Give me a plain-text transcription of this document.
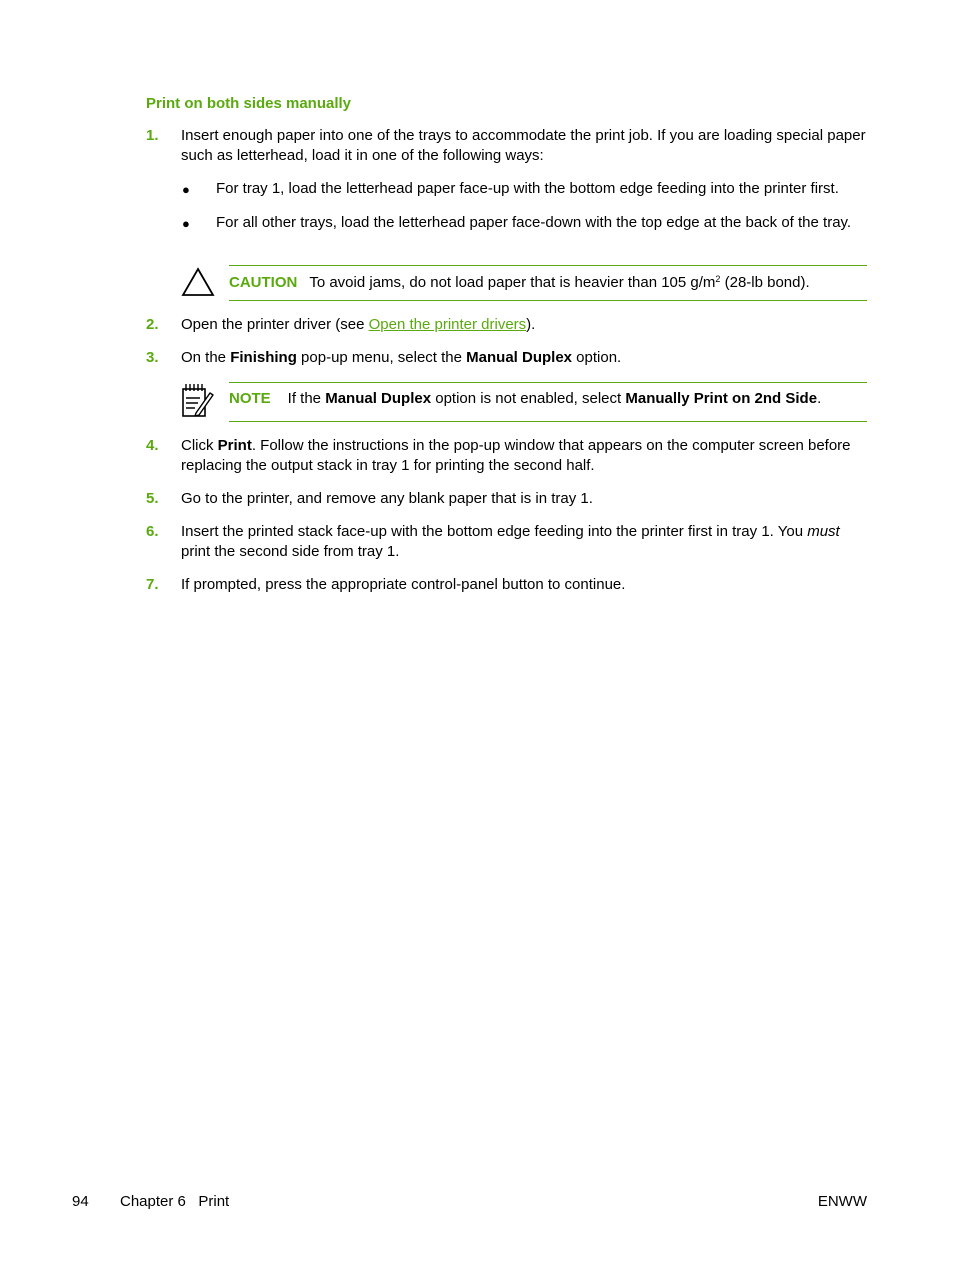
Print on both sides manually
1. Insert enough paper into one of the trays to accommodate the print job. If you are loading special paper such as letterhead, load it in one of the following ways:
● For tray 1, load the letterhead paper face-up with the bottom edge feeding into the printer first.
● For all other trays, load the letterhead paper face-down with the top edge at the back of the tray.
CAUTION To avoid jams, do not load paper that is heavier than 105 $g/m^2$ (28-lb bond).
2. Open the printer driver (see Open the printer drivers).
3. On the Finishing pop-up menu, select the Manual Duplex option.
NOTE If the Manual Duplex option is not enabled, select Manually Print on 2nd Side.
4. Click Print. Follow the instructions in the pop-up window that appears on the computer screen before replacing the output stack in tray 1 for printing the second half.
5. Go to the printer, and remove any blank paper that is in tray 1.
6. Insert the printed stack face-up with the bottom edge feeding into the printer first in tray 1. You must print the second side from tray 1.
7. If prompted, press the appropriate control-panel button to continue.
94 Chapter 6   Print	ENWW
